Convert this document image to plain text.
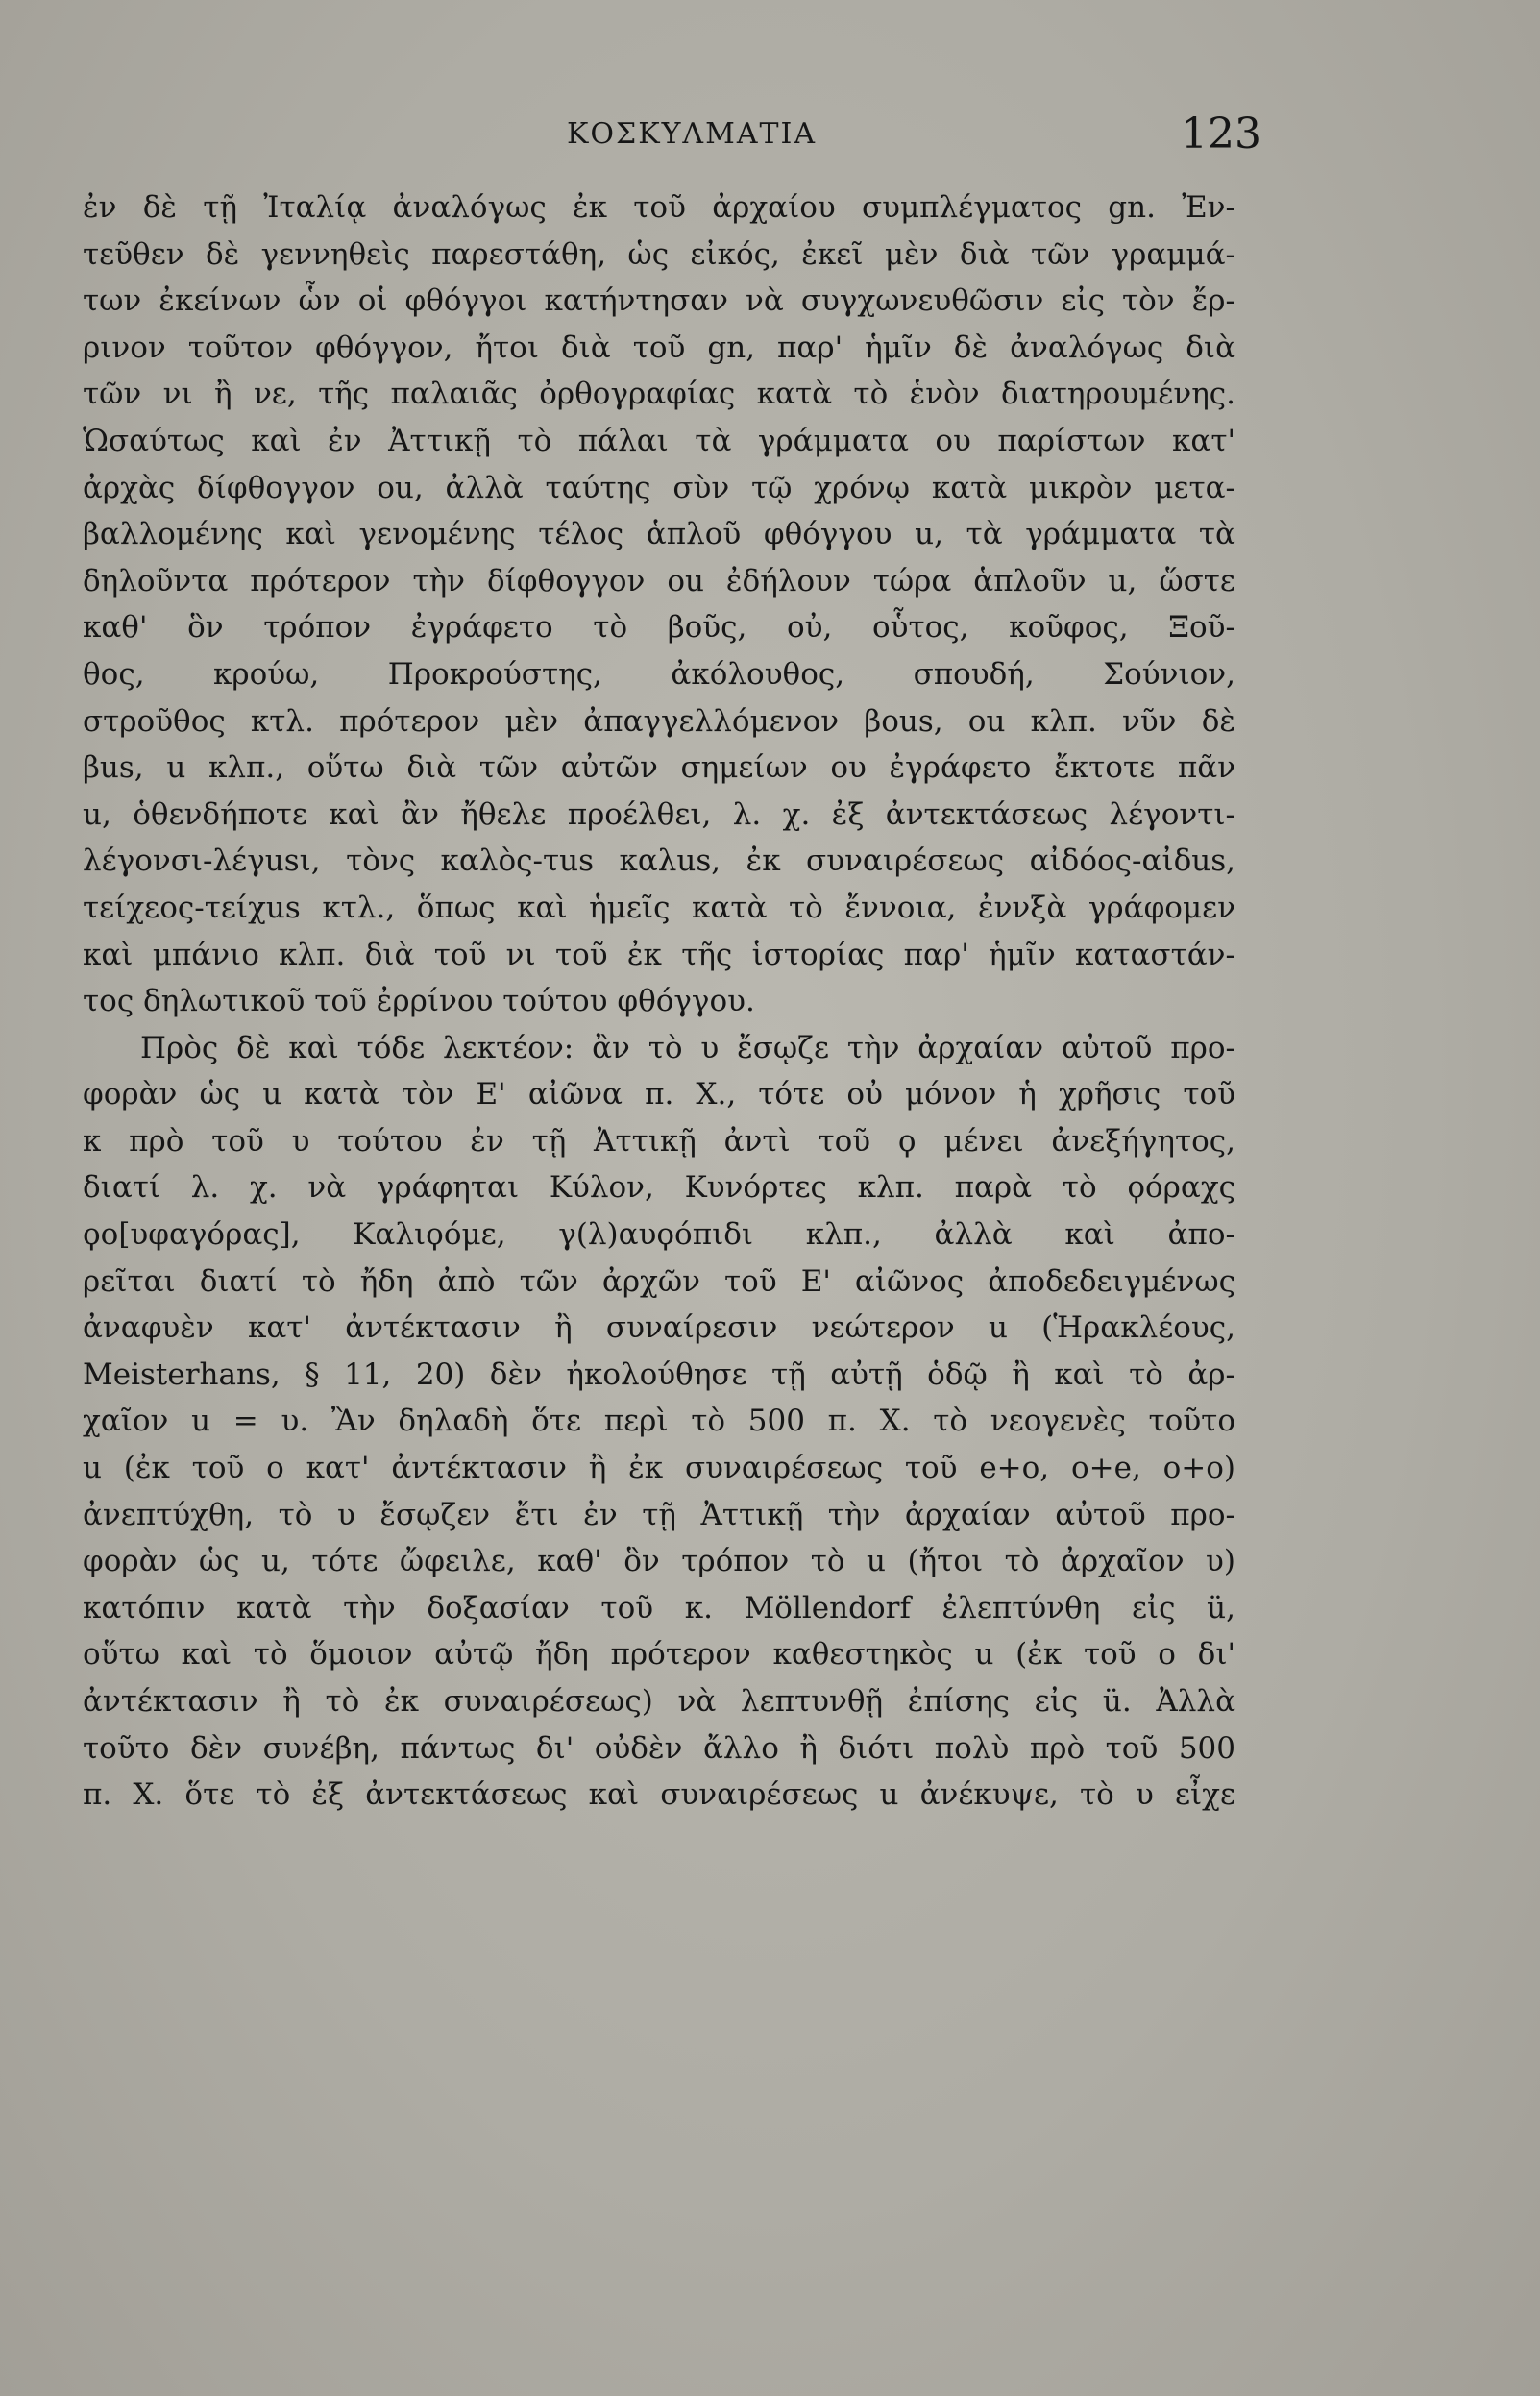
ΚΟΣΚΥΛΜΑΤΙΑ	123
ἐν δὲ τῇ Ἰταλίᾳ ἀναλόγως ἐκ τοῦ ἀρχαίου συμπλέγματος gn. Ἐν-
τεῦθεν δὲ γεννηθεὶς παρεστάθη, ὡς εἰκός, ἐκεῖ μὲν διὰ τῶν γραμμά-
των ἐκείνων ὧν οἱ φθόγγοι κατήντησαν νὰ συγχωνευθῶσιν εἰς τὸν ἔρ-
ρινον τοῦτον φθόγγον, ἤτοι διὰ τοῦ gn, παρ' ἡμῖν δὲ ἀναλόγως διὰ
τῶν νι ἢ νε, τῆς παλαιᾶς ὀρθογραφίας κατὰ τὸ ἑνὸν διατηρουμένης.
Ὡσαύτως καὶ ἐν Ἀττικῇ τὸ πάλαι τὰ γράμματα ου παρίστων κατ'
ἀρχὰς δίφθογγον ou, ἀλλὰ ταύτης σὺν τῷ χρόνῳ κατὰ μικρὸν μετα-
βαλλομένης καὶ γενομένης τέλος ἁπλοῦ φθόγγου u, τὰ γράμματα τὰ
δηλοῦντα πρότερον τὴν δίφθογγον ou ἐδήλουν τώρα ἁπλοῦν u, ὥστε
καθ' ὃν τρόπον ἐγράφετο τὸ βοῦς, οὐ, οὗτος, κοῦφος, Ξοῦ-
θος, κρούω, Προκρούστης, ἀκόλουθος, σπουδή, Σούνιον,
στροῦθος κτλ. πρότερον μὲν ἀπαγγελλόμενον βous, ou κλπ. νῦν δὲ
βus, u κλπ., οὕτω διὰ τῶν αὐτῶν σημείων ου ἐγράφετο ἔκτοτε πᾶν
u, ὁθενδήποτε καὶ ἂν ἤθελε προέλθει, λ. χ. ἐξ ἀντεκτάσεως λέγοντι-
λέγονσι-λέγusι, τὸνς καλὸς-τus καλus, ἐκ συναιρέσεως αἰδόος-αἰδus,
τείχεος-τείχus κτλ., ὅπως καὶ ἡμεῖς κατὰ τὸ ἔννοια, ἐννξὰ γράφομεν
καὶ μπάνιο κλπ. διὰ τοῦ νι τοῦ ἐκ τῆς ἱστορίας παρ' ἡμῖν καταστάν-
τος δηλωτικοῦ τοῦ ἐρρίνου τούτου φθόγγου.
Πρὸς δὲ καὶ τόδε λεκτέον: ἂν τὸ υ ἔσῳζε τὴν ἀρχαίαν αὐτοῦ προ-
φορὰν ὡς u κατὰ τὸν Ε' αἰῶνα π. Χ., τότε οὐ μόνον ἡ χρῆσις τοῦ
κ πρὸ τοῦ υ τούτου ἐν τῇ Ἀττικῇ ἀντὶ τοῦ ϙ μένει ἀνεξήγητος,
διατί λ. χ. νὰ γράφηται Κύλον, Κυνόρτες κλπ. παρὰ τὸ ϙόραχς
ϙο[υφαγόρας], Καλιϙόμε, γ(λ)αυϙόπιδι κλπ., ἀλλὰ καὶ ἀπο-
ρεῖται διατί τὸ ἤδη ἀπὸ τῶν ἀρχῶν τοῦ Ε' αἰῶνος ἀποδεδειγμένως
ἀναφυὲν κατ' ἀντέκτασιν ἢ συναίρεσιν νεώτερον u (Ἡρακλέους,
Meisterhans, § 11, 20) δὲν ἠκολούθησε τῇ αὐτῇ ὁδῷ ἢ καὶ τὸ ἀρ-
χαῖον u = υ. Ἂν δηλαδὴ ὅτε περὶ τὸ 500 π. Χ. τὸ νεογενὲς τοῦτο
u (ἐκ τοῦ ο κατ' ἀντέκτασιν ἢ ἐκ συναιρέσεως τοῦ e+ο, ο+e, ο+ο)
ἀνεπτύχθη, τὸ υ ἔσῳζεν ἔτι ἐν τῇ Ἀττικῇ τὴν ἀρχαίαν αὐτοῦ προ-
φορὰν ὡς u, τότε ὤφειλε, καθ' ὃν τρόπον τὸ u (ἤτοι τὸ ἀρχαῖον υ)
κατόπιν κατὰ τὴν δοξασίαν τοῦ κ. Möllendorf ἐλεπτύνθη εἰς ü,
οὕτω καὶ τὸ ὅμοιον αὐτῷ ἤδη πρότερον καθεστηκὸς u (ἐκ τοῦ ο δι'
ἀντέκτασιν ἢ τὸ ἐκ συναιρέσεως) νὰ λεπτυνθῇ ἐπίσης εἰς ü. Ἀλλὰ
τοῦτο δὲν συνέβη, πάντως δι' οὐδὲν ἄλλο ἢ διότι πολὺ πρὸ τοῦ 500
π. Χ. ὅτε τὸ ἐξ ἀντεκτάσεως καὶ συναιρέσεως u ἀνέκυψε, τὸ υ εἶχε
